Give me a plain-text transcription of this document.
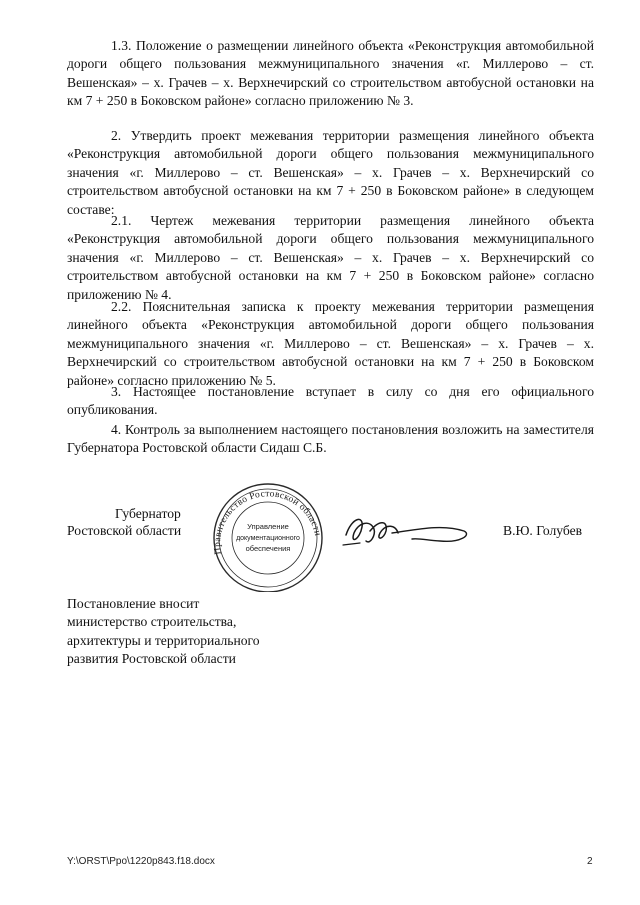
1.3. Положение о размещении линейного объекта «Реконструкция автомобильной дороги общего пользования межмуниципального значения «г. Миллерово – ст. Вешенская» – х. Грачев – х. Верхнечирский со строительством автобусной остановки на км 7 + 250 в Боковском районе» согласно приложению № 3.

2. Утвердить проект межевания территории размещения линейного объекта «Реконструкция автомобильной дороги общего пользования межмуниципального значения «г. Миллерово – ст. Вешенская» – х. Грачев – х. Верхнечирский со строительством автобусной остановки на км 7 + 250 в Боковском районе» в следующем составе:

2.1. Чертеж межевания территории размещения линейного объекта «Реконструкция автомобильной дороги общего пользования межмуниципального значения «г. Миллерово – ст. Вешенская» – х. Грачев – х. Верхнечирский со строительством автобусной остановки на км 7 + 250 в Боковском районе» согласно приложению № 4.

2.2. Пояснительная записка к проекту межевания территории размещения линейного объекта «Реконструкция автомобильной дороги общего пользования межмуниципального значения «г. Миллерово – ст. Вешенская» – х. Грачев – х. Верхнечирский со строительством автобусной остановки на км 7 + 250 в Боковском районе» согласно приложению № 5.

3. Настоящее постановление вступает в силу со дня его официального опубликования.

4. Контроль за выполнением настоящего постановления возложить на заместителя Губернатора Ростовской области Сидаш С.Б.

Губернатор

Ростовской области	В.Ю. Голубев

Правительство Ростовской области
Управление
документационного
обеспечения
Постановление вносит
министерство строительства,
архитектуры и территориального
развития Ростовской области
Y:\ORST\Ppo\1220p843.f18.docx	2
